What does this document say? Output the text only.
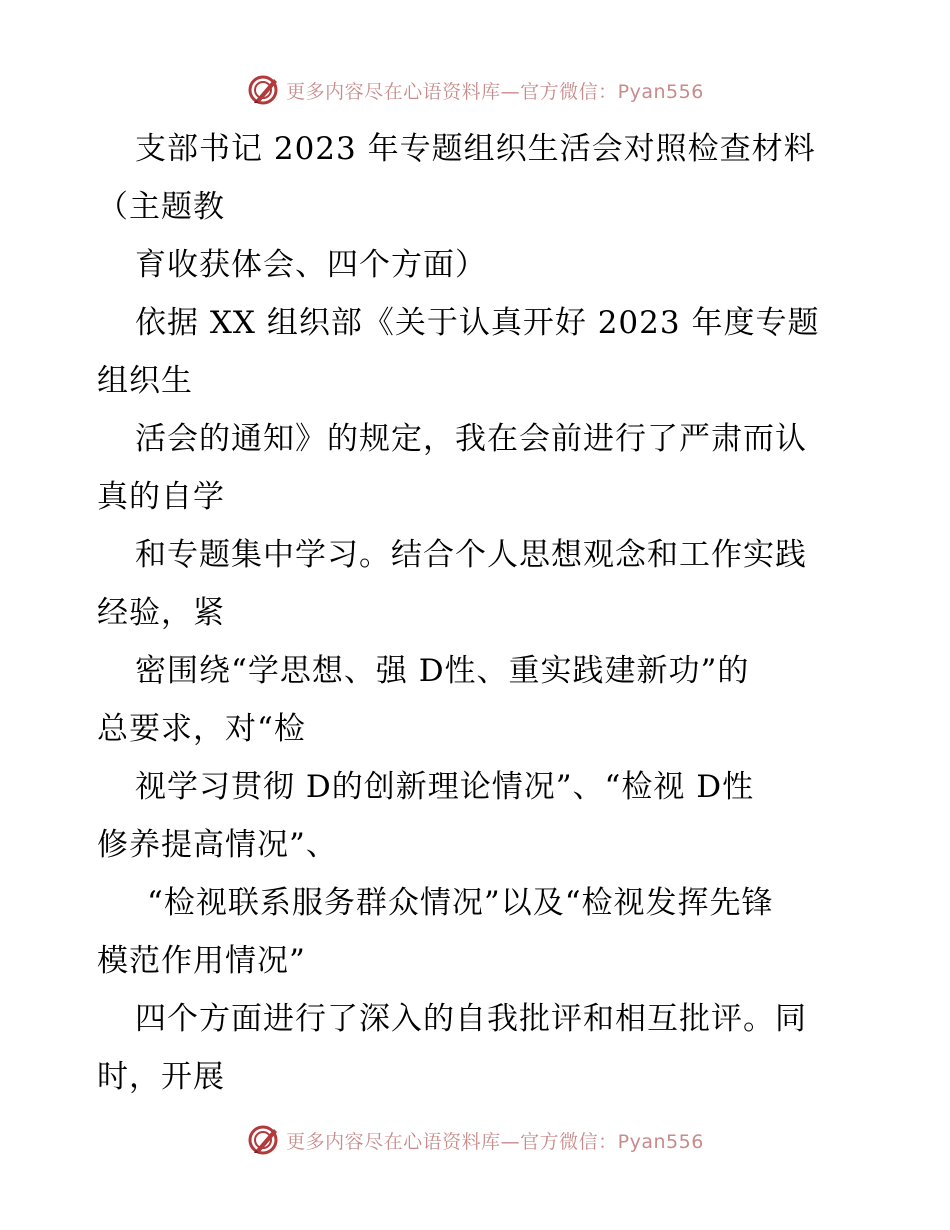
更多内容尽在心语资料库—官方微信：Pyan556
支部书记 2023 年专题组织生活会对照检查材料
（主题教
育收获体会、四个方面）
依据 XX 组织部《关于认真开好 2023 年度专题
组织生
活会的通知》的规定，我在会前进行了严肃而认
真的自学
和专题集中学习。结合个人思想观念和工作实践
经验，紧
密围绕“学思想、强 D性、重实践建新功”的
总要求，对“检
视学习贯彻 D的创新理论情况”、“检视 D性
修养提高情况”、
“检视联系服务群众情况”以及“检视发挥先锋
模范作用情况”
四个方面进行了深入的自我批评和相互批评。同
时，开展
更多内容尽在心语资料库—官方微信：Pyan556
